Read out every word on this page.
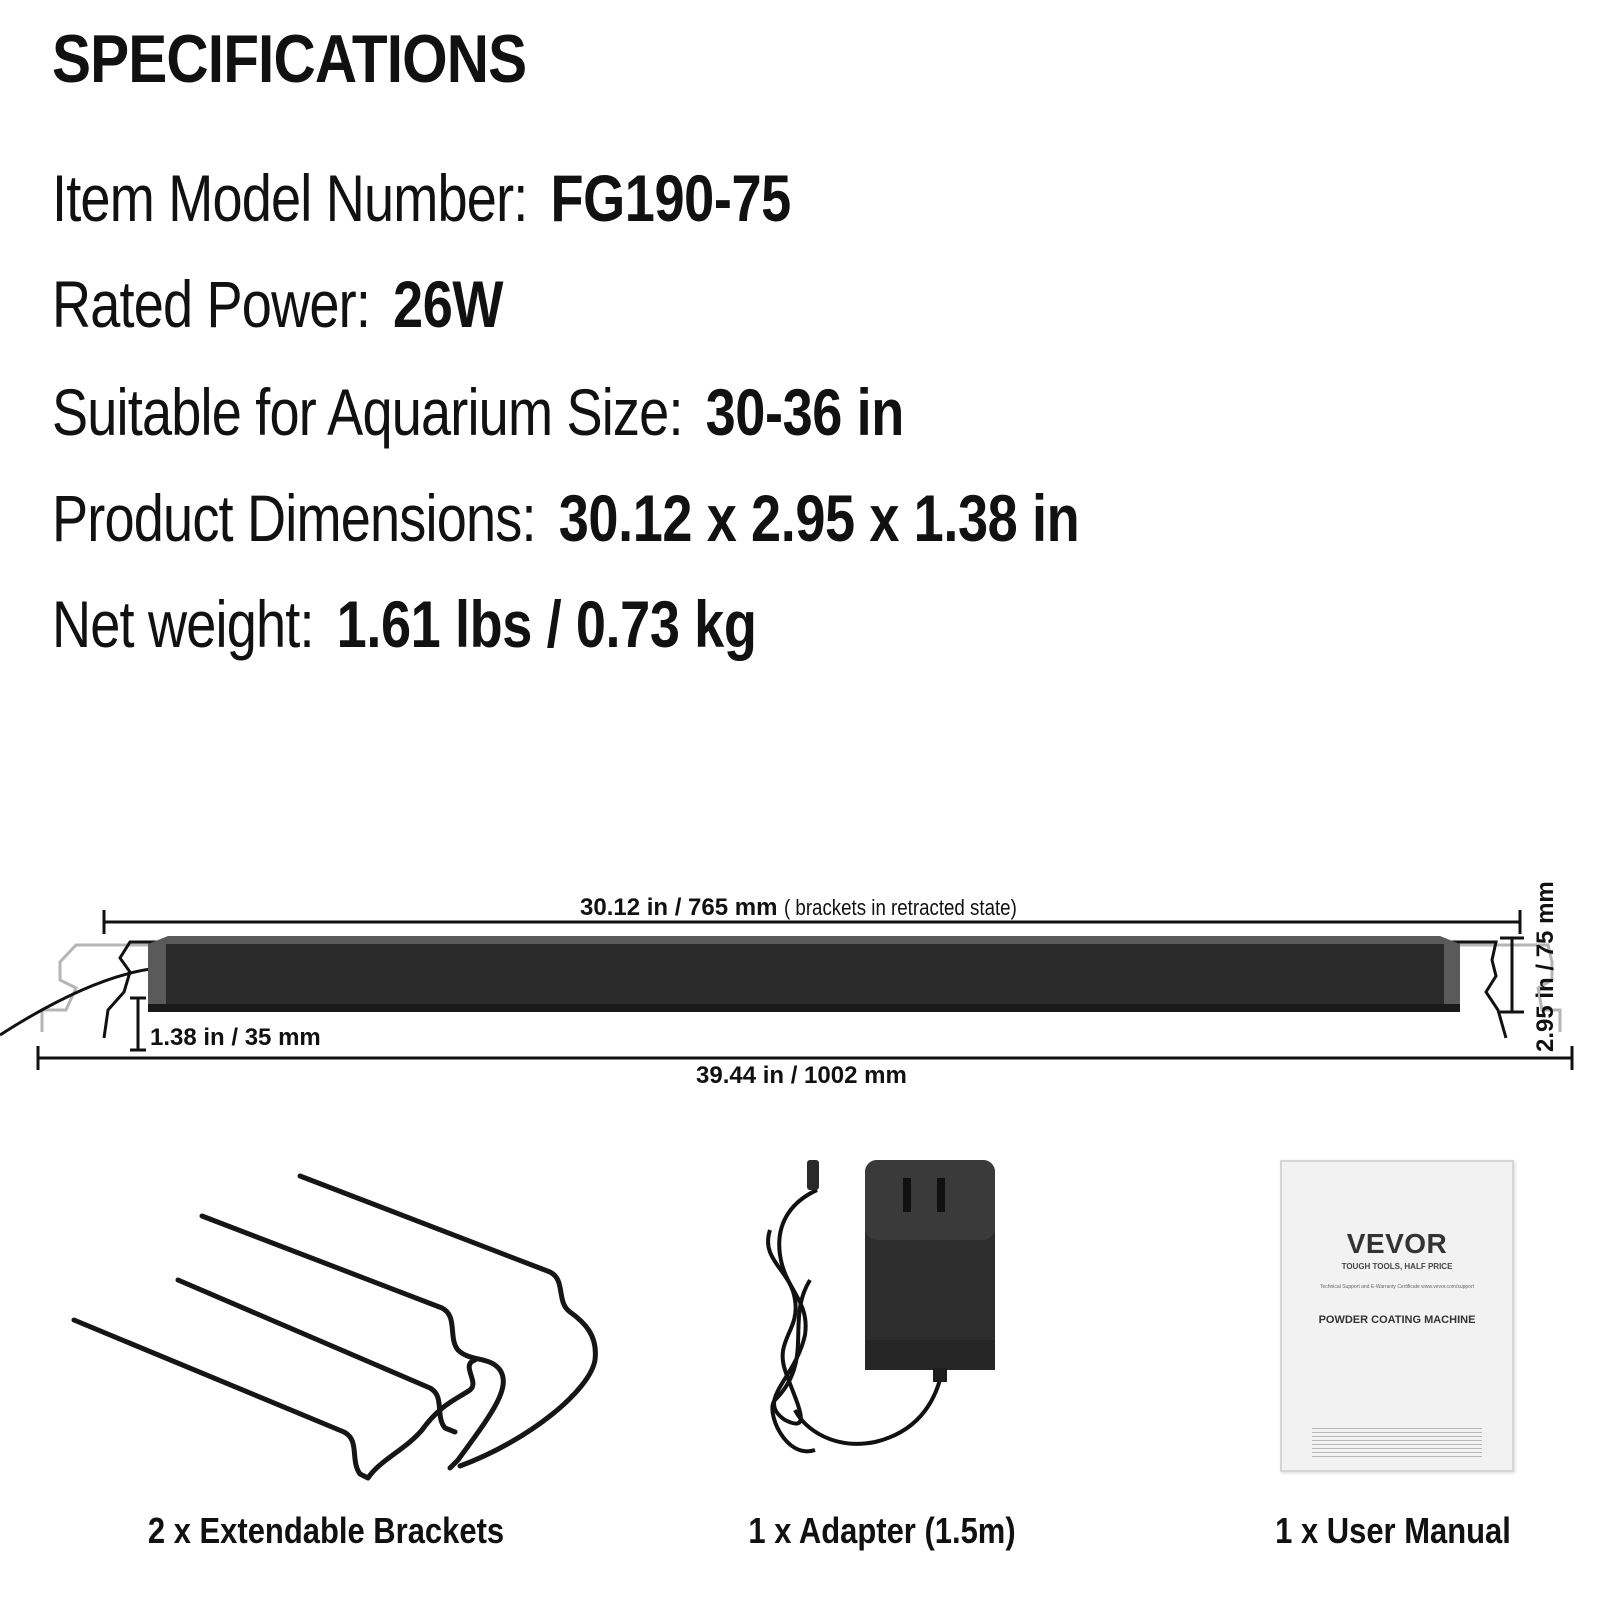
SPECIFICATIONS
Item Model Number: FG190-75
Rated Power: 26W
Suitable for Aquarium Size: 30-36 in
Product Dimensions: 30.12 x 2.95 x 1.38 in
Net weight: 1.61 lbs / 0.73 kg
30.12 in / 765 mm ( brackets in retracted state)
1.38 in / 35 mm
39.44 in / 1002 mm
2.95 in / 75 mm
VEVOR
TOUGH TOOLS, HALF PRICE
Technical Support and E-Warranty Certificate www.vevor.com/support
POWDER COATING MACHINE
2 x Extendable Brackets	1 x Adapter (1.5m)	1 x User Manual
